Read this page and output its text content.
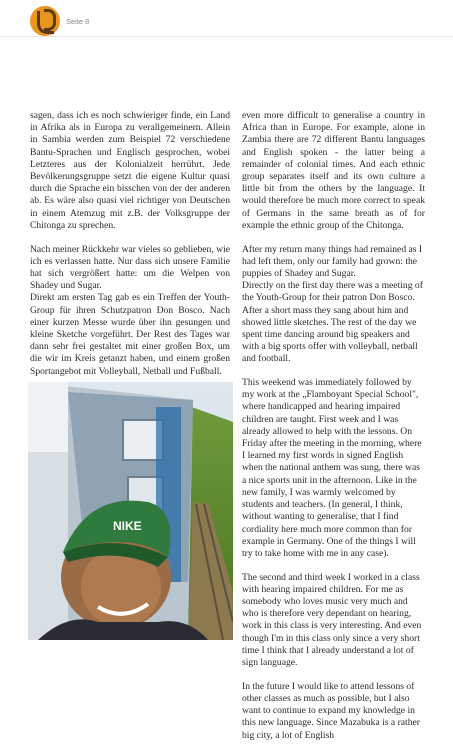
Seite 8

sagen, dass ich es noch schwieriger finde, ein Land in Afrika als in Europa zu verallgemeinern. Allein in Sambia werden zum Beispiel 72 verschiedene Bantu-Sprachen und Englisch gesprochen, wobei Letzteres aus der Kolonialzeit herrührt. Jede Bevölkerungsgruppe setzt die eigene Kultur quasi durch die Sprache ein bisschen von der der anderen ab. Es wäre also quasi viel richtiger von Deutschen in einem Atemzug mit z.B. der Volksgruppe der Chitonga zu sprechen.

Nach meiner Rückkehr war vieles so geblieben, wie ich es verlassen hatte. Nur dass sich unsere Familie hat sich vergrößert hatte: um die Welpen von Shadey und Sugar.

Direkt am ersten Tag gab es ein Treffen der Youth-Group für ihren Schutzpatron Don Bosco. Nach einer kurzen Messe wurde über ihn gesungen und kleine Sketche vorgeführt. Der Rest des Tages war dann sehr frei gestaltet mit einer großen Box, um die wir im Kreis getanzt haben, und einem großen Sportangebot mit Volleyball, Netball und Fußball.

even more difficult to generalise a country in Africa than in Europe. For example, alone in Zambia there are 72 different Bantu languages and English spoken - the latter being a remainder of colonial times. And each ethnic group separates itself and its own culture a little bit from the others by the language. It would therefore be much more correct to speak of Germans in the same breath as of for example the ethnic group of the Chitonga.

After my return many things had remained as I had left them, only our family had grown: the puppies of Shadey and Sugar.

Directly on the first day there was a meeting of the Youth-Group for their patron Don Bosco. After a short mass they sang about him and showed little sketches. The rest of the day we spent time dancing around big speakers and with a big sports offer with volleyball, netball and football.

This weekend was immediately followed by my work at the „Flamboyant Special School", where handicapped and hearing impaired children are taught. First week and I was already allowed to help with the lessons. On Friday after the meeting in the morning, where I learned my first words in signed English when the national anthem was sung, there was a nice sports unit in the afternoon. Like in the new family, I was warmly welcomed by students and teachers. (In general, I think, without wanting to generalise, that I find cordiality here much more common than for example in Germany. One of the things I will try to take home with me in any case).

The second and third week I worked in a class with hearing impaired children. For me as somebody who loves music very much and who is therefore very dependant on hearing, work in this class is very interesting. And even though I'm in this class only since a very short time I think that I already understand a lot of sign language.

In the future I would like to attend lessons of other classes as much as possible, but I also want to continue to expand my knowledge in this new language. Since Mazabuka is a rather big city, a lot of English

NIKE
